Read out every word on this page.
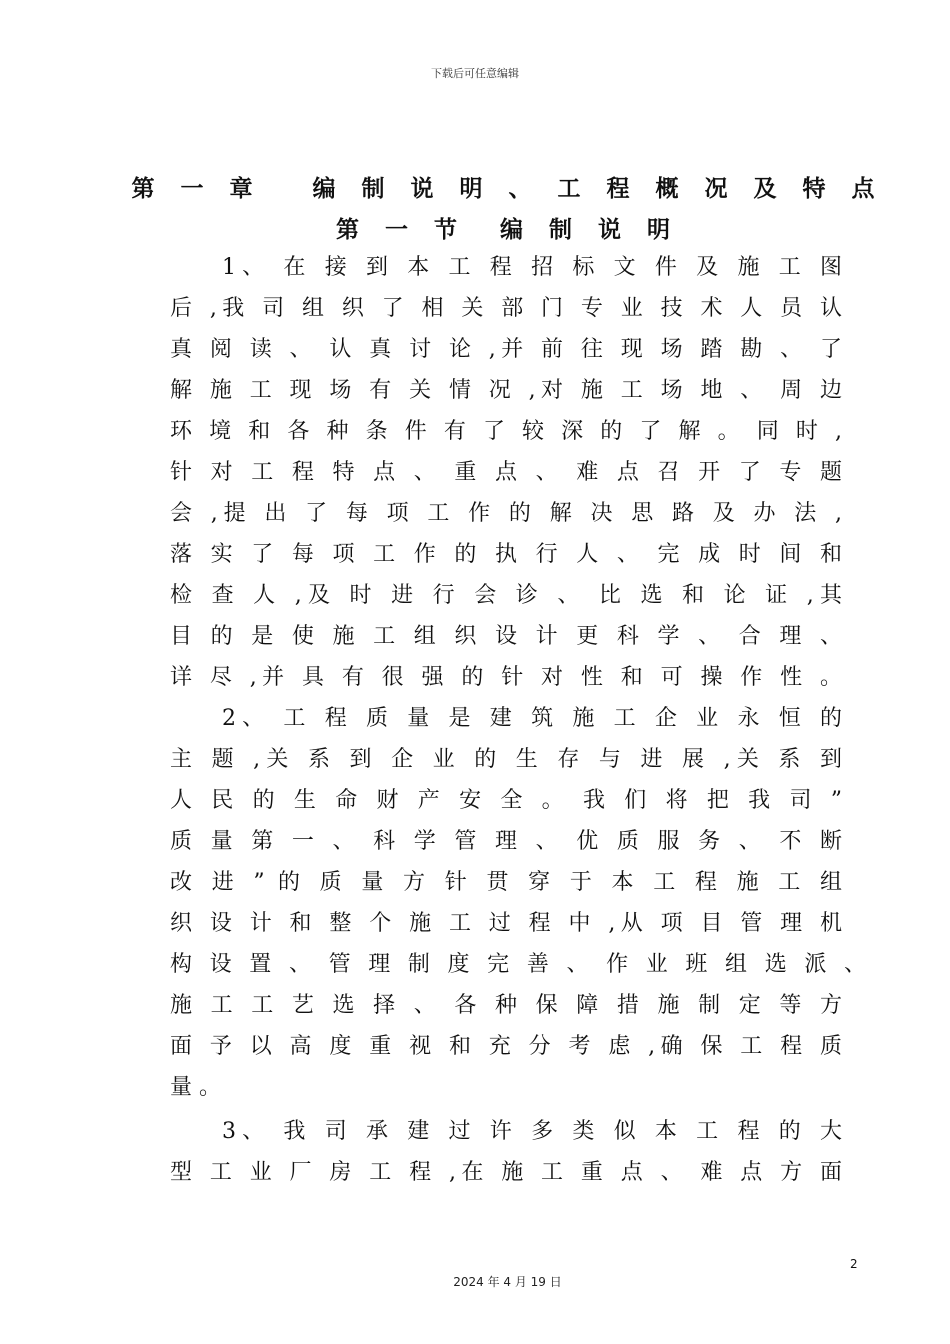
下载后可任意编辑
第 一 章   编 制 说 明 、 工 程 概 况 及 特 点
第 一 节  编 制 说 明
1、 在 接 到 本 工 程 招 标 文 件 及 施 工 图
后 ,我 司 组 织 了 相 关 部 门 专 业 技 术 人 员 认
真 阅 读 、 认 真 讨 论 ,并 前 往 现 场 踏 勘 、 了
解 施 工 现 场 有 关 情 况 ,对 施 工 场 地 、 周 边
环 境 和 各 种 条 件 有 了 较 深 的 了 解 。 同 时 ,
针 对 工 程 特 点 、 重 点 、 难 点 召 开 了 专 题
会 ,提 出 了 每 项 工 作 的 解 决 思 路 及 办 法 ,
落 实 了 每 项 工 作 的 执 行 人 、 完 成 时 间 和
检 查 人 ,及 时 进 行 会 诊 、 比 选 和 论 证 ,其
目 的 是 使 施 工 组 织 设 计 更 科 学 、 合 理 、
详 尽 ,并 具 有 很 强 的 针 对 性 和 可 操 作 性 。
2、 工 程 质 量 是 建 筑 施 工 企 业 永 恒 的
主 题 ,关 系 到 企 业 的 生 存 与 进 展 ,关 系 到
人 民 的 生 命 财 产 安 全 。 我 们 将 把 我 司 ”
质 量 第 一 、 科 学 管 理 、 优 质 服 务 、 不 断
改 进 ” 的 质 量 方 针 贯 穿 于 本 工 程 施 工 组
织 设 计 和 整 个 施 工 过 程 中 ,从 项 目 管 理 机
构 设 置 、 管 理 制 度 完 善 、 作 业 班 组 选 派 、
施 工 工 艺 选 择 、 各 种 保 障 措 施 制 定 等 方
面 予 以 高 度 重 视 和 充 分 考 虑 ,确 保 工 程 质
量 。
3、 我 司 承 建 过 许 多 类 似 本 工 程 的 大
型 工 业 厂 房 工 程 ,在 施 工 重 点 、 难 点 方 面
2
2024 年 4 月 19 日
